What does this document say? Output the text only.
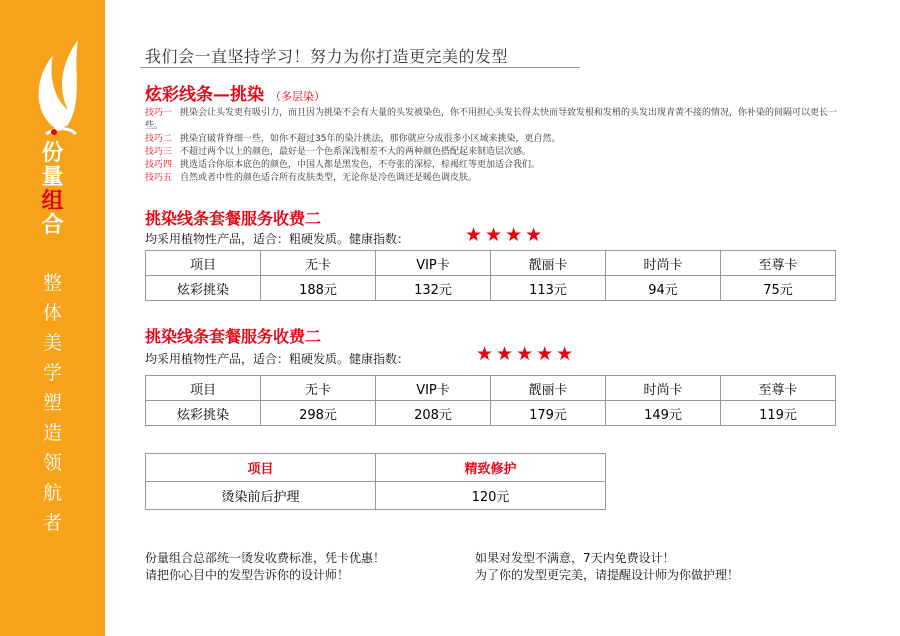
份
量
组
合
整
体
美
学
塑
造
领
航
者
我们会一直坚持学习！努力为你打造更完美的发型
炫彩线条—挑染 （多层染）
技巧一 挑染会让头发更有吸引力，而且因为挑染不会有大量的头发被染色，你不用担心头发长得太快而导致发根和发梢的头发出现青黄不接的情况，你补染的间隔可以更长一些。
技巧二 挑染宜破背脊细一些，如你不超过35年的染汁挑法，那你就应分成很多小区域来挑染，更自然。
技巧三 不超过两个以上的颜色，最好是一个色系深浅相差不大的两种颜色搭配起来制造层次感。
技巧四 挑选适合你原本底色的颜色，中国人都是黑发色，不夸张的深棕，棕褐红等更加适合我们。
技巧五 自然或者中性的颜色适合所有皮肤类型，无论你是冷色调还是暖色调皮肤。
挑染线条套餐服务收费二
均采用植物性产品，适合：粗硬发质。健康指数：	★★★★
项目	无卡	VIP卡	靓丽卡	时尚卡	至尊卡
炫彩挑染	188元	132元	113元	94元	75元
挑染线条套餐服务收费二
均采用植物性产品，适合：粗硬发质。健康指数：	★★★★★
项目	无卡	VIP卡	靓丽卡	时尚卡	至尊卡
炫彩挑染	298元	208元	179元	149元	119元
项目	精致修护
烫染前后护理	120元
份量组合总部统一烫发收费标准，凭卡优惠！
请把你心目中的发型告诉你的设计师！
如果对发型不满意，7天内免费设计！
为了你的发型更完美，请提醒设计师为你做护理！
